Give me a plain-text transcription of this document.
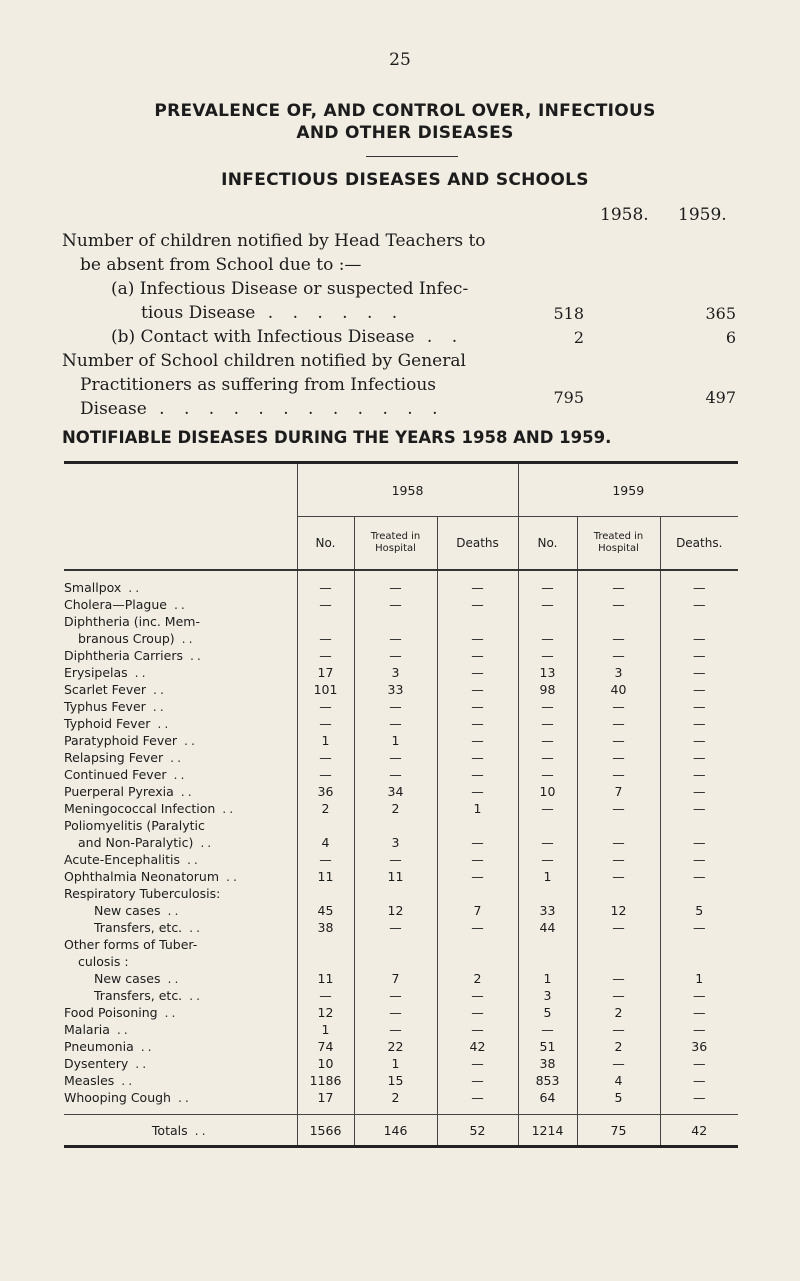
25
PREVALENCE OF, AND CONTROL OVER, INFECTIOUS
AND OTHER DISEASES
INFECTIOUS DISEASES AND SCHOOLS
1958. 1959.
Number of children notified by Head Teachers to
be absent from School due to :—
(a) Infectious Disease or suspected Infec-
tious Disease . . . . . .	518	365
(b) Contact with Infectious Disease . .	2	6
Number of School children notified by General
Practitioners as suffering from Infectious
Disease . . . . . . . . . . . .
795	497
NOTIFIABLE DISEASES DURING THE YEARS 1958 AND 1959.

	1958			1959		
	No.	Treated in Hospital	Deaths	No.	Treated in Hospital	Deaths.

Smallpox ..	—	—	—	—	—	—
Cholera—Plague ..	—	—	—	—	—	—
Diphtheria (inc. Mem-						
branous Croup) ..	—	—	—	—	—	—
Diphtheria Carriers ..	—	—	—	—	—	—
Erysipelas ..	17	3	—	13	3	—
Scarlet Fever ..	101	33	—	98	40	—
Typhus Fever ..	—	—	—	—	—	—
Typhoid Fever ..	—	—	—	—	—	—
Paratyphoid Fever ..	1	1	—	—	—	—
Relapsing Fever ..	—	—	—	—	—	—
Continued Fever ..	—	—	—	—	—	—
Puerperal Pyrexia ..	36	34	—	10	7	—
Meningococcal Infection ..	2	2	1	—	—	—
Poliomyelitis (Paralytic						
and Non-Paralytic) ..	4	3	—	—	—	—
Acute-Encephalitis ..	—	—	—	—	—	—
Ophthalmia Neonatorum ..	11	11	—	1	—	—
Respiratory Tuberculosis:						
New cases ..	45	12	7	33	12	5
Transfers, etc. ..	38	—	—	44	—	—
Other forms of Tuber-						
culosis :						
New cases ..	11	7	2	1	—	1
Transfers, etc. ..	—	—	—	3	—	—
Food Poisoning ..	12	—	—	5	2	—
Malaria ..	1	—	—	—	—	—
Pneumonia ..	74	22	42	51	2	36
Dysentery ..	10	1	—	38	—	—
Measles ..	1186	15	—	853	4	—
Whooping Cough ..	17	2	—	64	5	—

Totals ..	1566	146	52	1214	75	42
